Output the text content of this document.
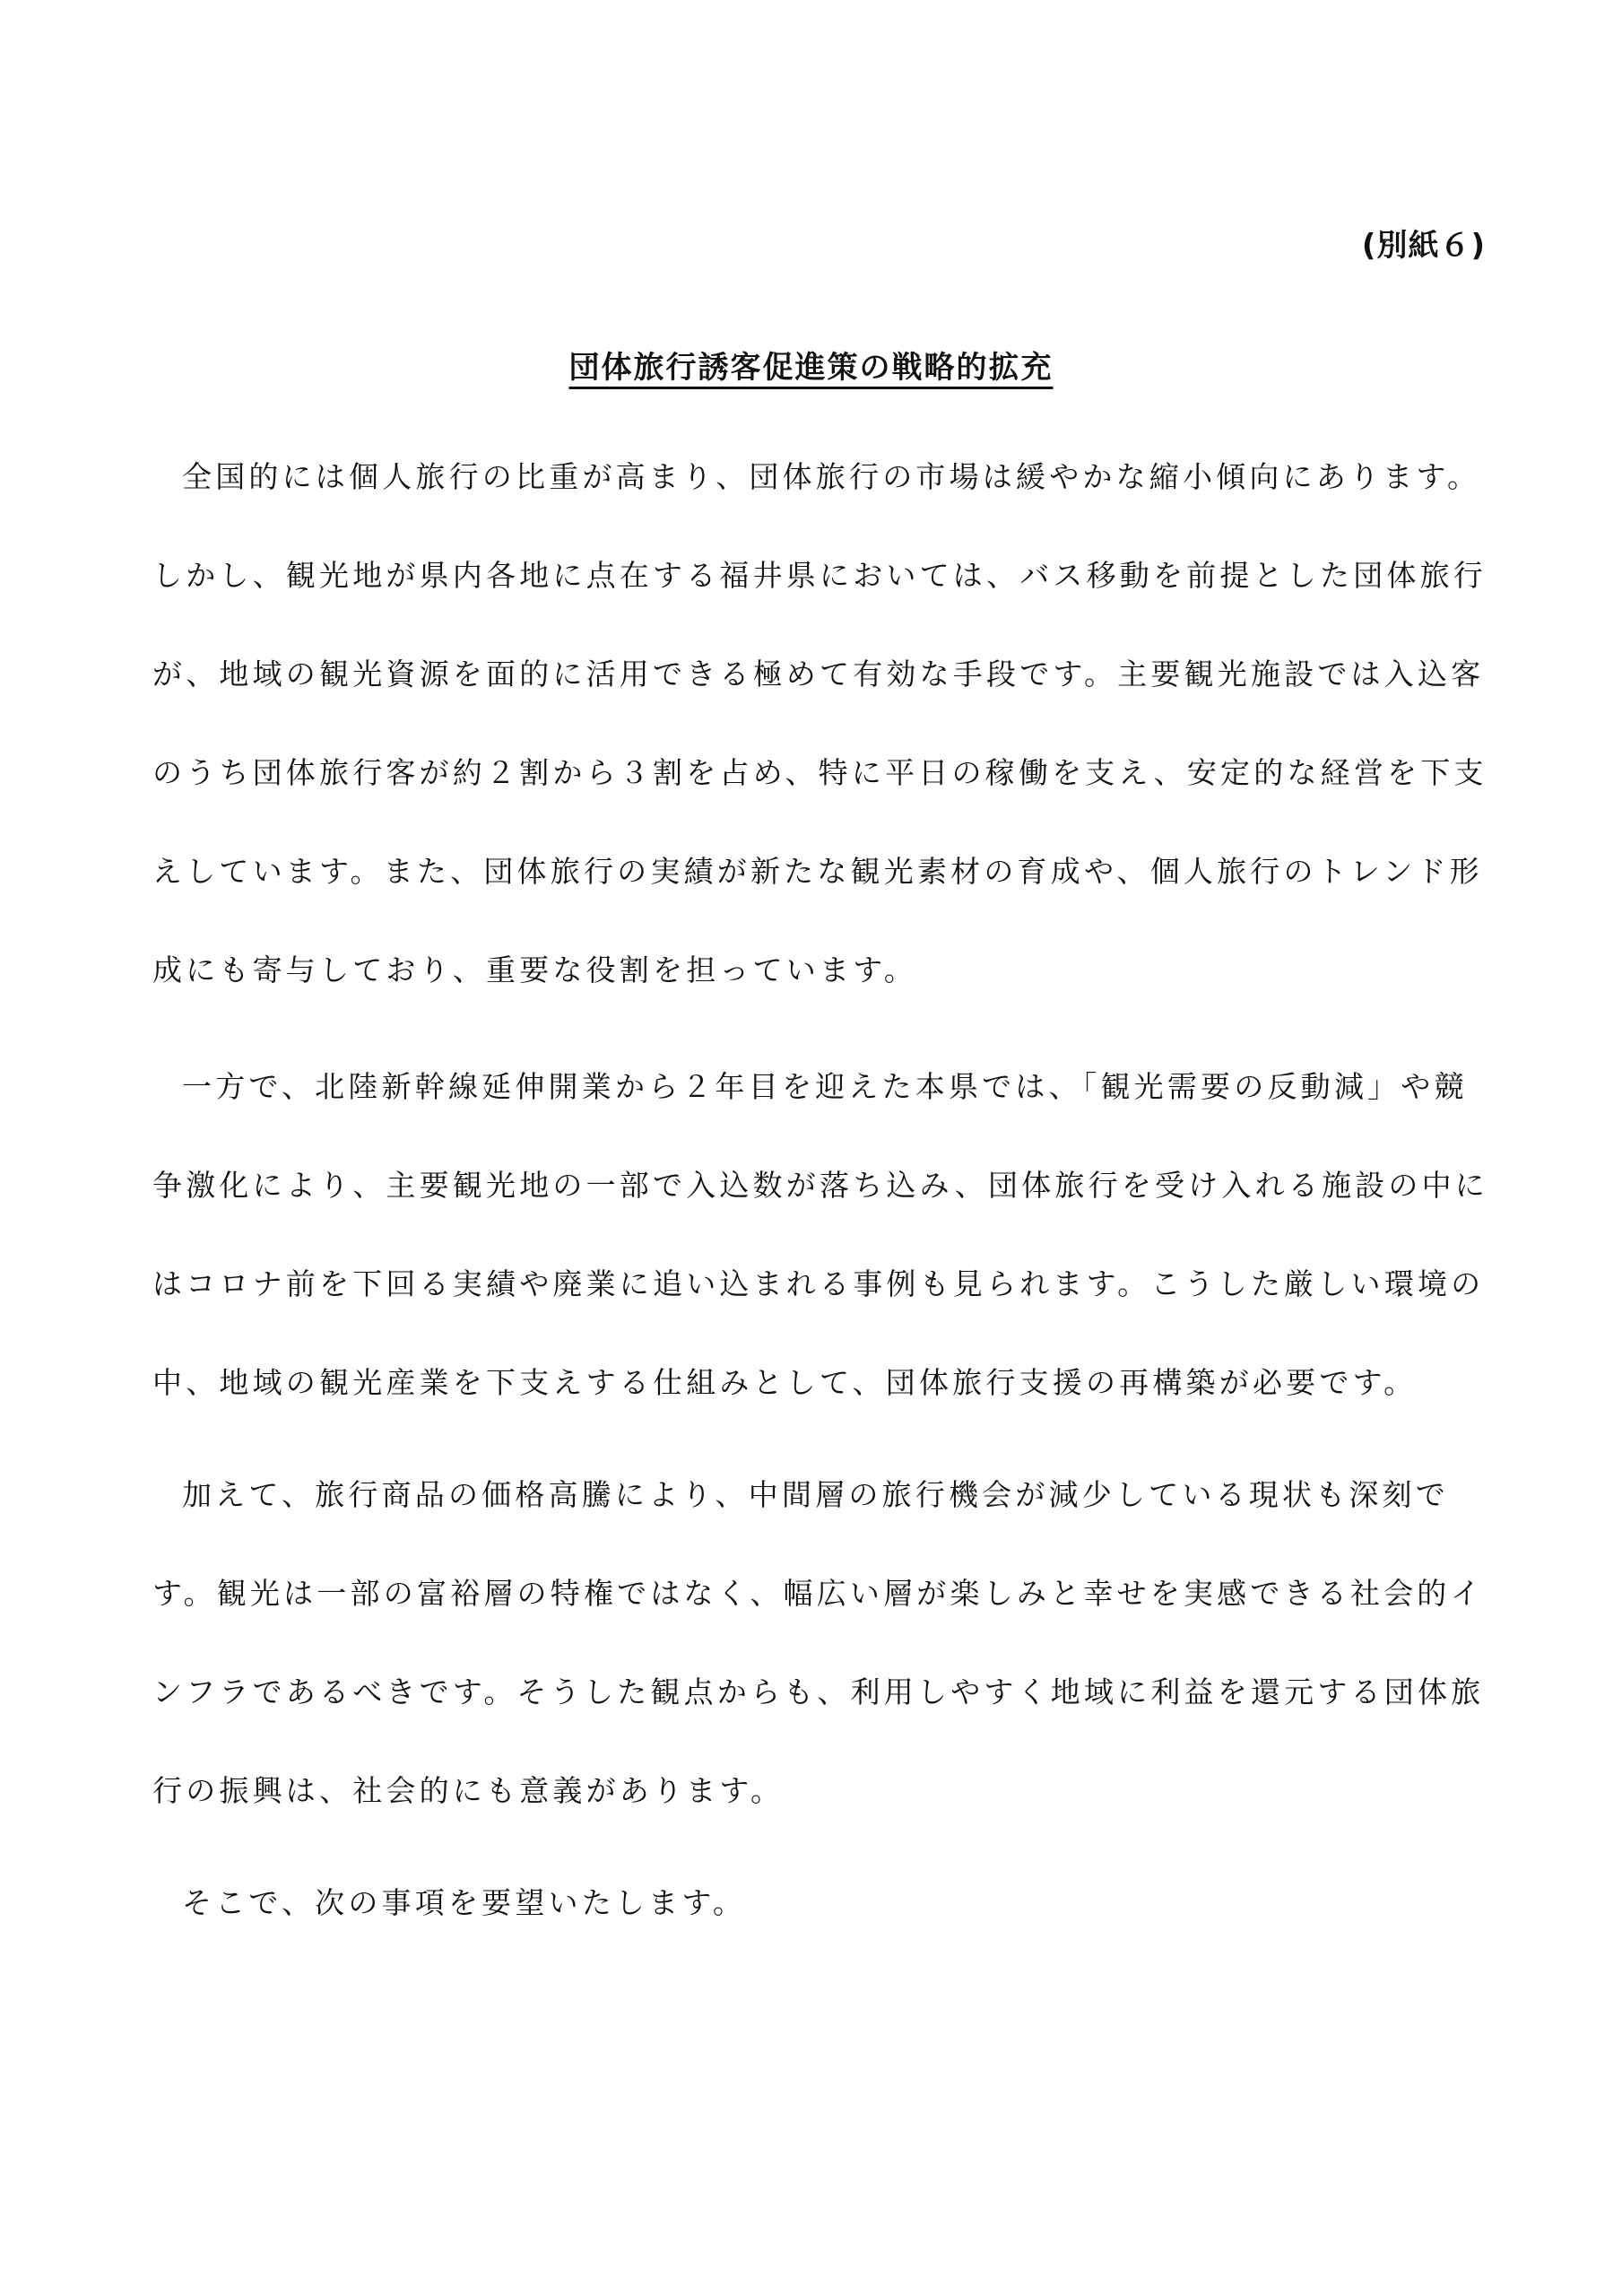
(別紙６)
団体旅行誘客促進策の戦略的拡充
全国的には個人旅行の比重が高まり、団体旅行の市場は緩やかな縮小傾向にあります。
しかし、観光地が県内各地に点在する福井県においては、バス移動を前提とした団体旅行
が、地域の観光資源を面的に活用できる極めて有効な手段です。主要観光施設では入込客
のうち団体旅行客が約２割から３割を占め、特に平日の稼働を支え、安定的な経営を下支
えしています。また、団体旅行の実績が新たな観光素材の育成や、個人旅行のトレンド形
成にも寄与しており、重要な役割を担っています。
一方で、北陸新幹線延伸開業から２年目を迎えた本県では、「観光需要の反動減」や競
争激化により、主要観光地の一部で入込数が落ち込み、団体旅行を受け入れる施設の中に
はコロナ前を下回る実績や廃業に追い込まれる事例も見られます。こうした厳しい環境の
中、地域の観光産業を下支えする仕組みとして、団体旅行支援の再構築が必要です。
加えて、旅行商品の価格高騰により、中間層の旅行機会が減少している現状も深刻で
す。観光は一部の富裕層の特権ではなく、幅広い層が楽しみと幸せを実感できる社会的イ
ンフラであるべきです。そうした観点からも、利用しやすく地域に利益を還元する団体旅
行の振興は、社会的にも意義があります。
そこで、次の事項を要望いたします。
